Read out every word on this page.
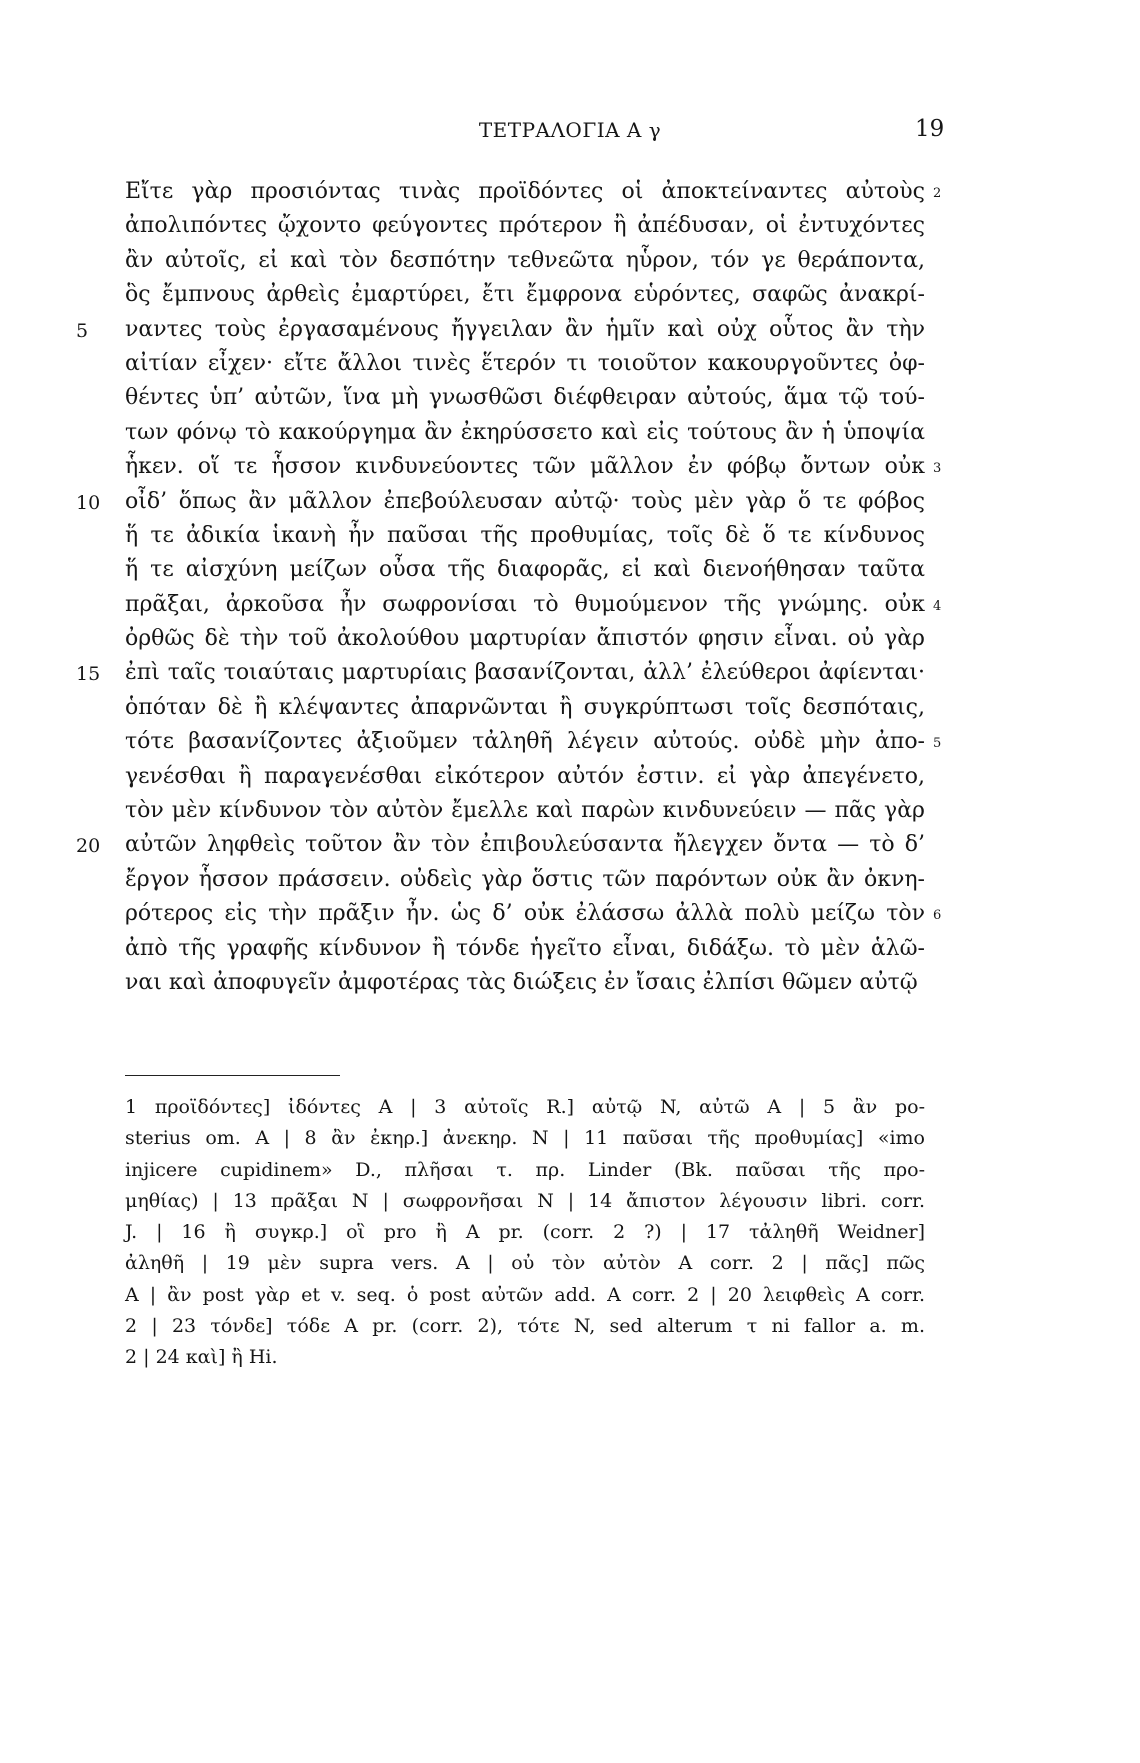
ΤΕΤΡΑΛΟΓΙΑ Α γ	19
Εἴτε γὰρ προσιόντας τινὰς προϊδόντες οἱ ἀποκτείναντες αὐτοὺς 2
ἀπολιπόντες ᾤχοντο φεύγοντες πρότερον ἢ ἀπέδυσαν, οἱ ἐντυχόντες
ἂν αὐτοῖς, εἰ καὶ τὸν δεσπότην τεθνεῶτα ηὗρον, τόν γε θεράποντα,
ὃς ἔμπνους ἀρθεὶς ἐμαρτύρει, ἔτι ἔμφρονα εὑρόντες, σαφῶς ἀνακρί-
5	ναντες τοὺς ἐργασαμένους ἤγγειλαν ἂν ἡμῖν καὶ οὐχ οὗτος ἂν τὴν
αἰτίαν εἶχεν· εἴτε ἄλλοι τινὲς ἕτερόν τι τοιοῦτον κακουργοῦντες ὀφ-
θέντες ὑπ’ αὐτῶν, ἵνα μὴ γνωσθῶσι διέφθειραν αὐτούς, ἅμα τῷ τού-
των φόνῳ τὸ κακούργημα ἂν ἐκηρύσσετο καὶ εἰς τούτους ἂν ἡ ὑποψία
ἧκεν. οἵ τε ἧσσον κινδυνεύοντες τῶν μᾶλλον ἐν φόβῳ ὄντων οὐκ 3
10	οἶδ’ ὅπως ἂν μᾶλλον ἐπεβούλευσαν αὐτῷ· τοὺς μὲν γὰρ ὅ τε φόβος
ἥ τε ἀδικία ἱκανὴ ἦν παῦσαι τῆς προθυμίας, τοῖς δὲ ὅ τε κίνδυνος
ἥ τε αἰσχύνη μείζων οὖσα τῆς διαφορᾶς, εἰ καὶ διενοήθησαν ταῦτα
πρᾶξαι, ἀρκοῦσα ἦν σωφρονίσαι τὸ θυμούμενον τῆς γνώμης. οὐκ 4
ὀρθῶς δὲ τὴν τοῦ ἀκολούθου μαρτυρίαν ἄπιστόν φησιν εἶναι. οὐ γὰρ
15	ἐπὶ ταῖς τοιαύταις μαρτυρίαις βασανίζονται, ἀλλ’ ἐλεύθεροι ἀφίενται·
ὁπόταν δὲ ἢ κλέψαντες ἀπαρνῶνται ἢ συγκρύπτωσι τοῖς δεσπόταις,
τότε βασανίζοντες ἀξιοῦμεν τἀληθῆ λέγειν αὐτούς. οὐδὲ μὴν ἀπο- 5
γενέσθαι ἢ παραγενέσθαι εἰκότερον αὐτόν ἐστιν. εἰ γὰρ ἀπεγένετο,
τὸν μὲν κίνδυνον τὸν αὐτὸν ἔμελλε καὶ παρὼν κινδυνεύειν — πᾶς γὰρ
20	αὐτῶν ληφθεὶς τοῦτον ἂν τὸν ἐπιβουλεύσαντα ἤλεγχεν ὄντα — τὸ δ’
ἔργον ἧσσον πράσσειν. οὐδεὶς γὰρ ὅστις τῶν παρόντων οὐκ ἂν ὀκνη-
ρότερος εἰς τὴν πρᾶξιν ἦν. ὡς δ’ οὐκ ἐλάσσω ἀλλὰ πολὺ μείζω τὸν 6
ἀπὸ τῆς γραφῆς κίνδυνον ἢ τόνδε ἡγεῖτο εἶναι, διδάξω. τὸ μὲν ἁλῶ-
ναι καὶ ἀποφυγεῖν ἀμφοτέρας τὰς διώξεις ἐν ἴσαις ἐλπίσι θῶμεν αὐτῷ
1 προϊδόντες] ἰδόντες A | 3 αὐτοῖς R.] αὐτῷ N, αὐτῶ A | 5 ἂν po-
sterius om. A | 8 ἂν ἐκηρ.] ἀνεκηρ. N | 11 παῦσαι τῆς προθυμίας] «imo
injicere cupidinem» D., πλῆσαι τ. πρ. Linder (Bk. παῦσαι τῆς προ-
μηθίας) | 13 πρᾶξαι N | σωφρονῆσαι N | 14 ἄπιστον λέγουσιν libri. corr.
J. | 16 ἢ συγκρ.] οἳ pro ἢ A pr. (corr. 2 ?) | 17 τἀληθῆ Weidner]
ἀληθῆ | 19 μὲν supra vers. A | οὐ τὸν αὐτὸν A corr. 2 | πᾶς] πῶς
A | ἂν post γὰρ et v. seq. ὁ post αὐτῶν add. A corr. 2 | 20 λειφθεὶς A corr.
2 | 23 τόνδε] τόδε A pr. (corr. 2), τότε N, sed alterum τ ni fallor a. m.
2 | 24 καὶ] ἢ Hi.
